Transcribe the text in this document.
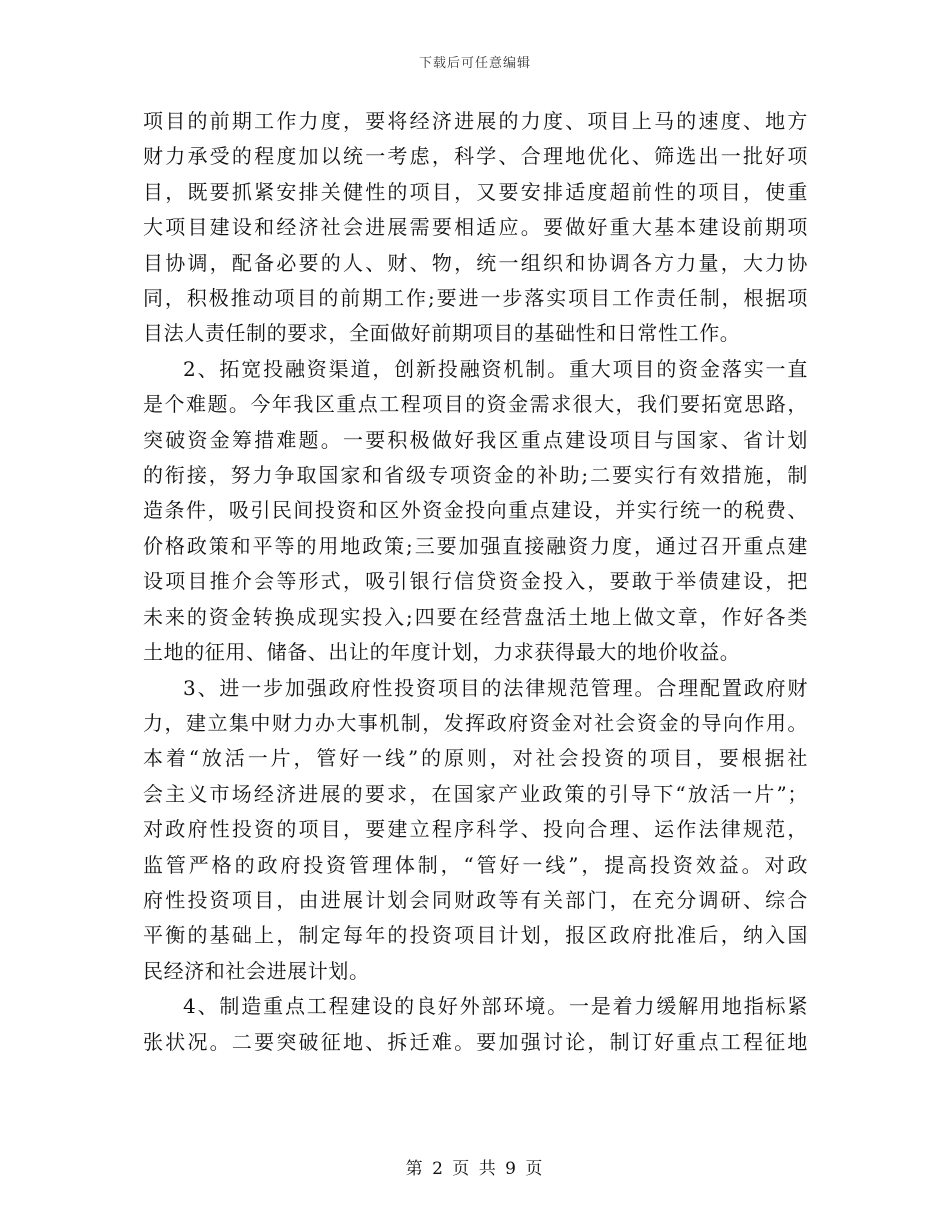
下载后可任意编辑
项目的前期工作力度，要将经济进展的力度、项目上马的速度、地方
财力承受的程度加以统一考虑，科学、合理地优化、筛选出一批好项
目，既要抓紧安排关健性的项目，又要安排适度超前性的项目，使重
大项目建设和经济社会进展需要相适应。要做好重大基本建设前期项
目协调，配备必要的人、财、物，统一组织和协调各方力量，大力协
同，积极推动项目的前期工作;要进一步落实项目工作责任制，根据项
目法人责任制的要求，全面做好前期项目的基础性和日常性工作。
2、拓宽投融资渠道，创新投融资机制。重大项目的资金落实一直
是个难题。今年我区重点工程项目的资金需求很大，我们要拓宽思路，
突破资金筹措难题。一要积极做好我区重点建设项目与国家、省计划
的衔接，努力争取国家和省级专项资金的补助;二要实行有效措施，制
造条件，吸引民间投资和区外资金投向重点建设，并实行统一的税费、
价格政策和平等的用地政策;三要加强直接融资力度，通过召开重点建
设项目推介会等形式，吸引银行信贷资金投入，要敢于举债建设，把
未来的资金转换成现实投入;四要在经营盘活土地上做文章，作好各类
土地的征用、储备、出让的年度计划，力求获得最大的地价收益。
3、进一步加强政府性投资项目的法律规范管理。合理配置政府财
力，建立集中财力办大事机制，发挥政府资金对社会资金的导向作用。
本着“放活一片，管好一线”的原则，对社会投资的项目，要根据社
会主义市场经济进展的要求，在国家产业政策的引导下“放活一片”；
对政府性投资的项目，要建立程序科学、投向合理、运作法律规范，
监管严格的政府投资管理体制，“管好一线”，提高投资效益。对政
府性投资项目，由进展计划会同财政等有关部门，在充分调研、综合
平衡的基础上，制定每年的投资项目计划，报区政府批准后，纳入国
民经济和社会进展计划。
4、制造重点工程建设的良好外部环境。一是着力缓解用地指标紧
张状况。二要突破征地、拆迁难。要加强讨论，制订好重点工程征地
第 2 页 共 9 页
